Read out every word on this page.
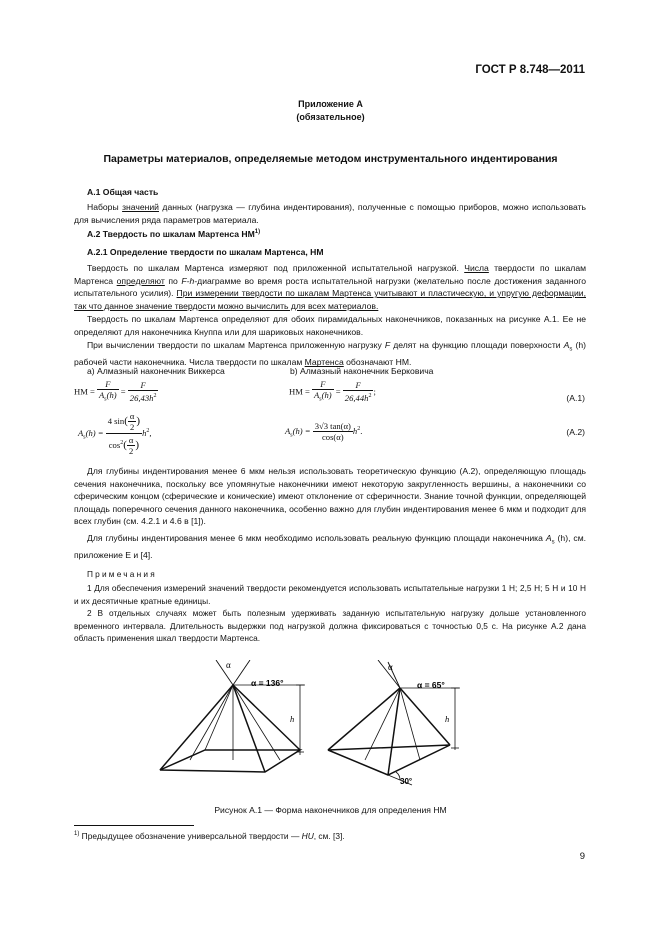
ГОСТ Р 8.748—2011
Приложение А
(обязательное)
Параметры материалов, определяемые методом инструментального индентирования
А.1 Общая часть
Наборы значений данных (нагрузка — глубина индентирования), полученные с помощью приборов, можно использовать для вычисления ряда параметров материала.
А.2 Твердость по шкалам Мартенса НМ$^{1)}$
А.2.1 Определение твердости по шкалам Мартенса, НМ
Твердость по шкалам Мартенса измеряют под приложенной испытательной нагрузкой. Числа твердости по шкалам Мартенса определяют по F-h-диаграмме во время роста испытательной нагрузки (желательно после достижения заданного испытательного усилия). При измерении твердости по шкалам Мартенса учитывают и пластическую, и упругую деформации, так что данное значение твердости можно вычислить для всех материалов.
Твердость по шкалам Мартенса определяют для обоих пирамидальных наконечников, показанных на рисунке А.1. Ее не определяют для наконечника Кнуппа или для шариковых наконечников.
При вычислении твердости по шкалам Мартенса приложенную нагрузку F делят на функцию площади поверхности $A_s$ (h) рабочей части наконечника. Числа твердости по шкалам Мартенса обозначают НМ.
а) Алмазный наконечник Виккерса	b) Алмазный наконечник Берковича
HM = $\frac{F}{A_s(h)} = \frac{F}{26,43h^2}$	HM = $\frac{F}{A_s(h)} = \frac{F}{26,44h^2}$ ;
(А.1)
$A_s(h) = \frac{4 \sin( \frac{\alpha}{2} )}{\cos^2( \frac{\alpha}{2} )} h^2$,	$A_s(h) = \frac{3√3 \tan(\alpha)}{\cos(\alpha)} h^2$.	(А.2)
Для глубины индентирования менее 6 мкм нельзя использовать теоретическую функцию (А.2), определяющую площадь сечения наконечника, поскольку все упомянутые наконечники имеют некоторую закругленность вершины, а наконечники со сферическим концом (сферические и конические) имеют отклонение от сферичности. Знание точной функции, определяющей площадь поперечного сечения данного наконечника, особенно важно для глубин индентирования менее 6 мкм и подходит для всех глубин (см. 4.2.1 и 4.6 в [1]).
Для глубины индентирования менее 6 мкм необходимо использовать реальную функцию площади наконечника $A_s$ (h), см. приложение Е и [4].
Примечания
1 Для обеспечения измерений значений твердости рекомендуется использовать испытательные нагрузки 1 Н; 2,5 Н; 5 Н и 10 Н и их десятичные кратные единицы.
2 В отдельных случаях может быть полезным удерживать заданную испытательную нагрузку дольше установленного временного интервала. Длительность выдержки под нагрузкой должна фиксироваться с точностью 0,5 с. На рисунке А.2 дана область применения шкал твердости Мартенса.
α
α = 136°
h
α
α = 65°
h
30°
Рисунок А.1 — Форма наконечников для определения НМ
$^{1)}$ Предыдущее обозначение универсальной твердости — HU, см. [3].
9
